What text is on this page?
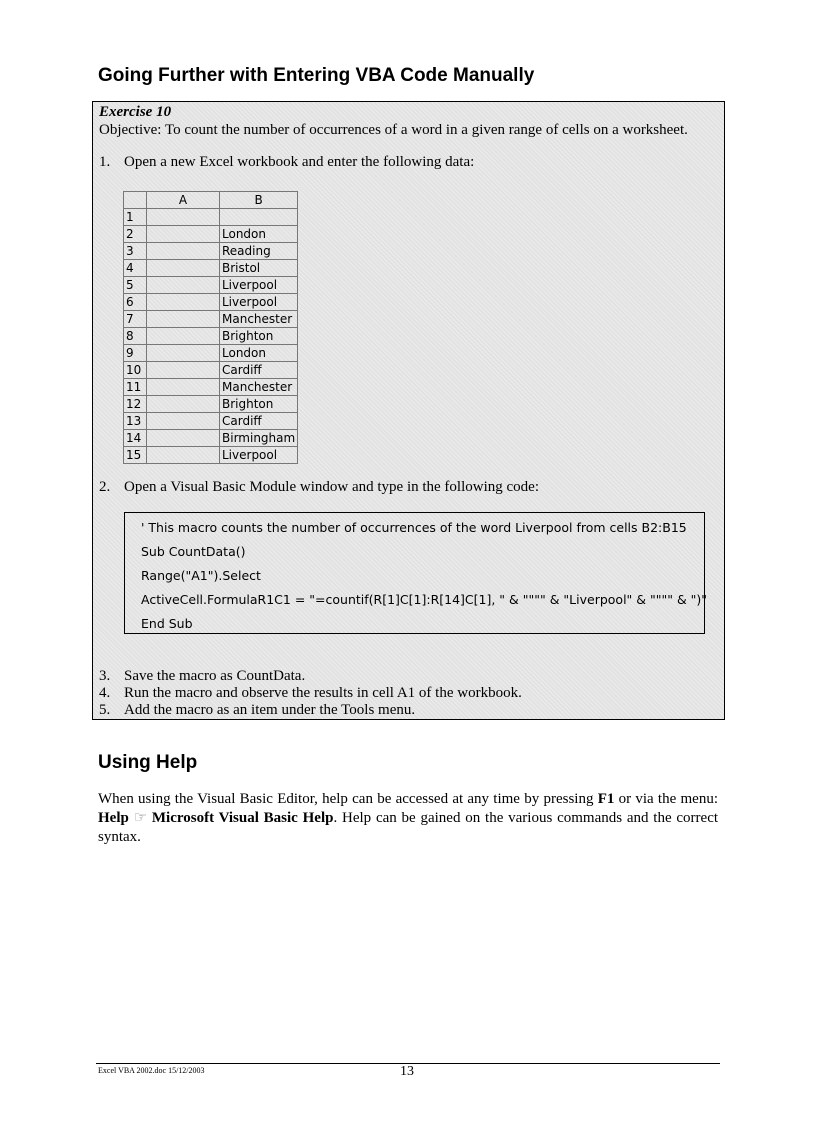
Going Further with Entering VBA Code Manually
Exercise 10
Objective: To count the number of occurrences of a word in a given range of cells on a worksheet.
1. Open a new Excel workbook and enter the following data:
	A	B
1		
2		London
3		Reading
4		Bristol
5		Liverpool
6		Liverpool
7		Manchester
8		Brighton
9		London
10		Cardiff
11		Manchester
12		Brighton
13		Cardiff
14		Birmingham
15		Liverpool
2. Open a Visual Basic Module window and type in the following code:
' This macro counts the number of occurrences of the word Liverpool from cells B2:B15
Sub CountData()
Range("A1").Select
ActiveCell.FormulaR1C1 = "=countif(R[1]C[1]:R[14]C[1], " & """" & "Liverpool" & """" & ")"
End Sub
3. Save the macro as CountData.
4. Run the macro and observe the results in cell A1 of the workbook.
5. Add the macro as an item under the Tools menu.
Using Help
When using the Visual Basic Editor, help can be accessed at any time by pressing F1 or via the menu: Help ☞ Microsoft Visual Basic Help. Help can be gained on the various commands and the correct syntax.
Excel VBA 2002.doc 15/12/2003	13
